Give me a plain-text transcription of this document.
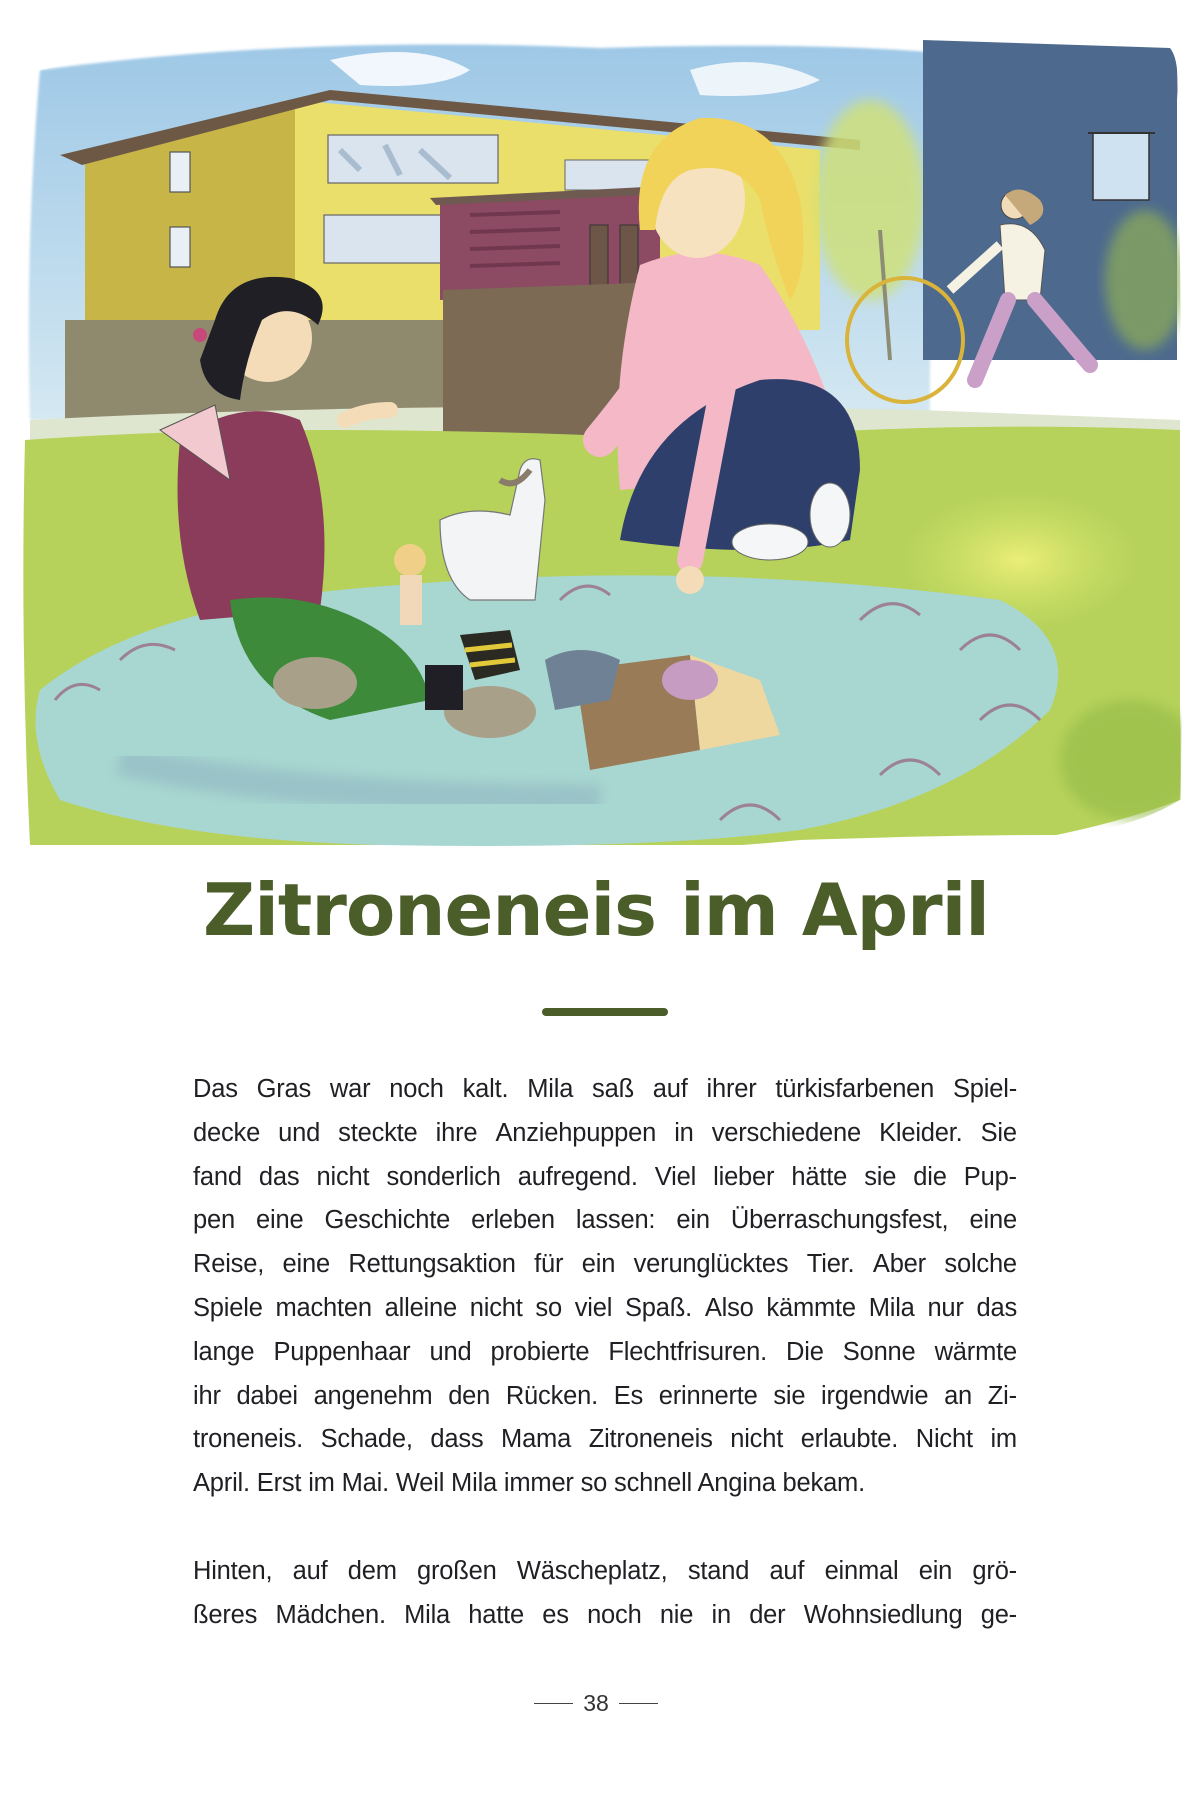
Zitroneneis im April

Das Gras war noch kalt. Mila saß auf ihrer türkisfarbenen Spiel-
decke und steckte ihre Anziehpuppen in verschiedene Kleider. Sie
fand das nicht sonderlich aufregend. Viel lieber hätte sie die Pup-
pen eine Geschichte erleben lassen: ein Überraschungsfest, eine
Reise, eine Rettungsaktion für ein verunglücktes Tier. Aber solche
Spiele machten alleine nicht so viel Spaß. Also kämmte Mila nur das
lange Puppenhaar und probierte Flechtfrisuren. Die Sonne wärmte
ihr dabei angenehm den Rücken. Es erinnerte sie irgendwie an Zi-
troneneis. Schade, dass Mama Zitroneneis nicht erlaubte. Nicht im
April. Erst im Mai. Weil Mila immer so schnell Angina bekam.

Hinten, auf dem großen Wäscheplatz, stand auf einmal ein grö-
ßeres Mädchen. Mila hatte es noch nie in der Wohnsiedlung ge-

38
